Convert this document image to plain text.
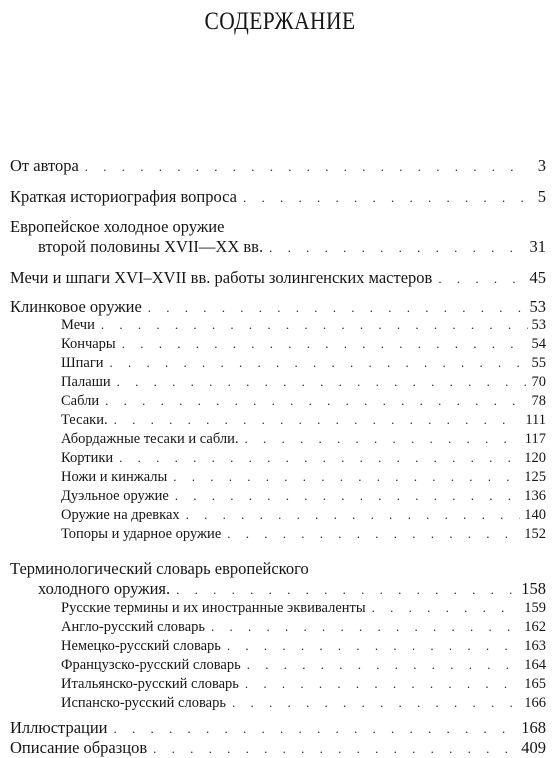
СОДЕРЖАНИЕ
От автора . . .	3
Краткая историография вопроса . . .	5
Европейское холодное оружие
второй половины XVII—XX вв. . . .	31
Мечи и шпаги XVI–XVII вв. работы золингенских мастеров . . .	45
Клинковое оружие . . .	53
Мечи . . .	53
Кончары . . .	54
Шпаги . . .	55
Палаши . . .	70
Сабли . . .	78
Тесаки. . . .	111
Абордажные тесаки и сабли. . . .	117
Кортики . . .	120
Ножи и кинжалы . . .	125
Дуэльное оружие . . .	136
Оружие на древках . . .	140
Топоры и ударное оружие . . .	152
Терминологический словарь европейского
холодного оружия. . . .	158
Русские термины и их иностранные эквиваленты . . .	159
Англо-русский словарь . . .	162
Немецко-русский словарь . . .	163
Французско-русский словарь . . .	164
Итальянско-русский словарь . . .	165
Испанско-русский словарь . . .	166
Иллюстрации . . .	168
Описание образцов . . .	409
